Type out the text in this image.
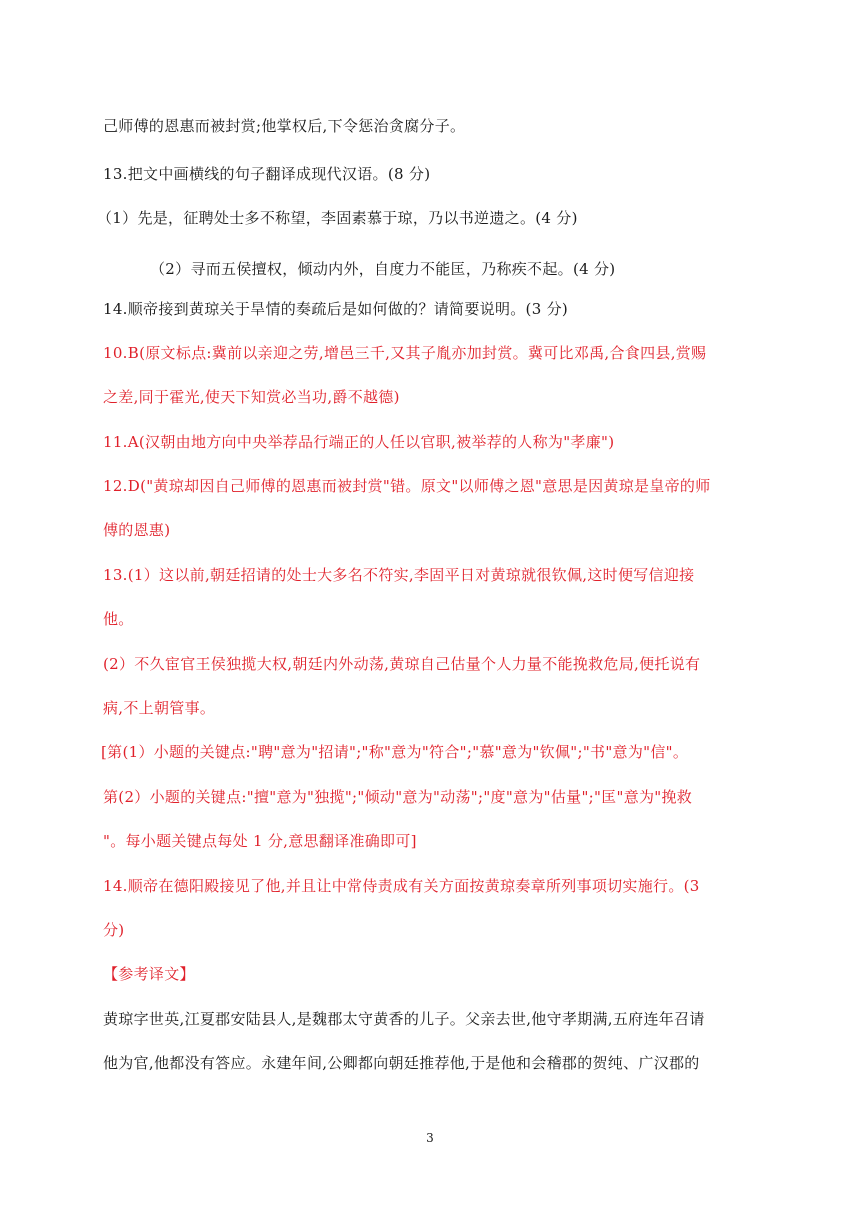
己师傅的恩惠而被封赏;他掌权后,下令惩治贪腐分子。
13.把文中画横线的句子翻译成现代汉语。(8 分)
（1）先是，征聘处士多不称望，李固素慕于琼，乃以书逆遗之。(4 分)
（2）寻而五侯擅权，倾动内外，自度力不能匡，乃称疾不起。(4 分)
14.顺帝接到黄琼关于旱情的奏疏后是如何做的？请简要说明。(3 分)
10.B(原文标点:冀前以亲迎之劳,增邑三千,又其子胤亦加封赏。冀可比邓禹,合食四县,赏赐
之差,同于霍光,使天下知赏必当功,爵不越德)
11.A(汉朝由地方向中央举荐品行端正的人任以官职,被举荐的人称为"孝廉")
12.D("黄琼却因自己师傅的恩惠而被封赏"错。原文"以师傅之恩"意思是因黄琼是皇帝的师
傅的恩惠)
13.(1）这以前,朝廷招请的处士大多名不符实,李固平日对黄琼就很钦佩,这时便写信迎接
他。
(2）不久宦官王侯独揽大权,朝廷内外动荡,黄琼自己估量个人力量不能挽救危局,便托说有
病,不上朝管事。
[第(1）小题的关键点:"聘"意为"招请";"称"意为"符合";"慕"意为"钦佩";"书"意为"信"。
第(2）小题的关键点:"擅"意为"独揽";"倾动"意为"动荡";"度"意为"估量";"匡"意为"挽救
"。每小题关键点每处 1 分,意思翻译准确即可]
14.顺帝在德阳殿接见了他,并且让中常侍责成有关方面按黄琼奏章所列事项切实施行。(3
分)
【参考译文】
黄琼字世英,江夏郡安陆县人,是魏郡太守黄香的儿子。父亲去世,他守孝期满,五府连年召请
他为官,他都没有答应。永建年间,公卿都向朝廷推荐他,于是他和会稽郡的贺纯、广汉郡的
3
